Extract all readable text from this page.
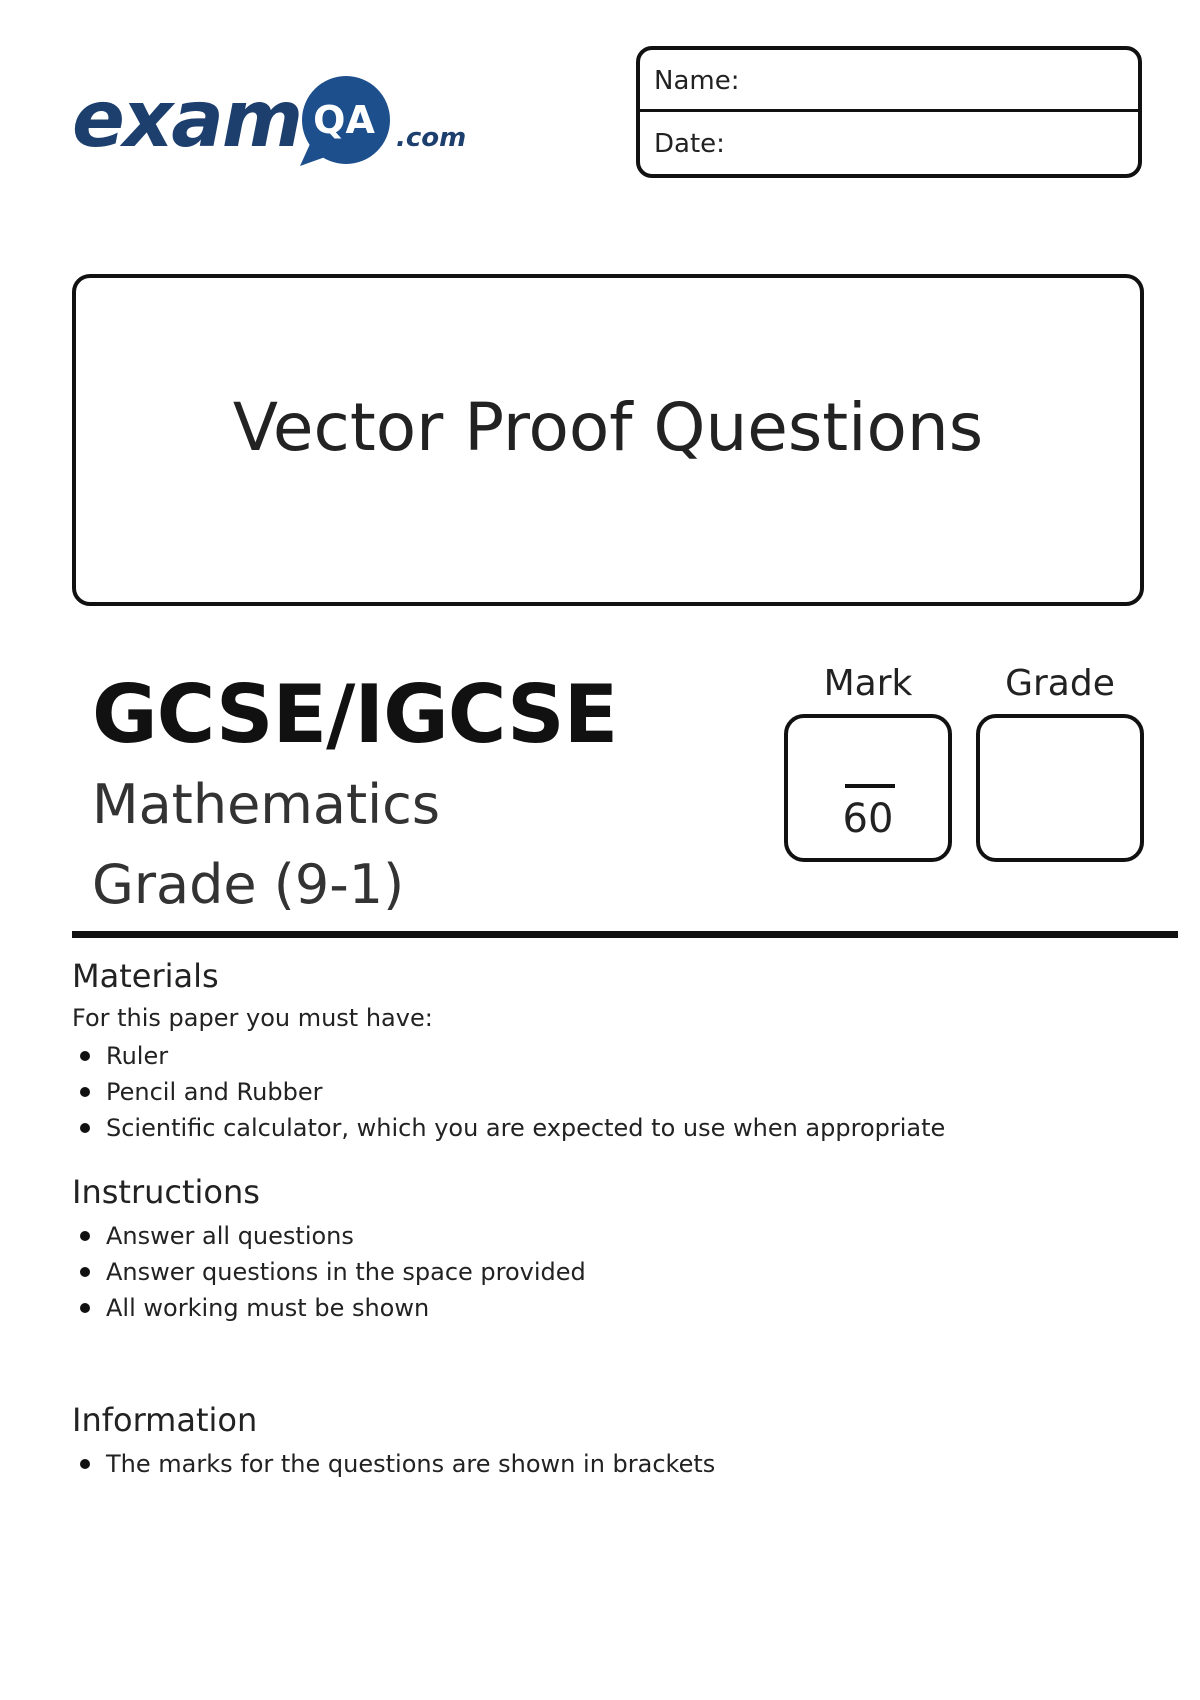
exam QA .com
Name:
Date:
Vector Proof Questions
GCSE/IGCSE
Mathematics
Grade (9-1)
Mark	Grade
60
Materials
For this paper you must have:
Ruler
Pencil and Rubber
Scientific calculator, which you are expected to use when appropriate
Instructions
Answer all questions
Answer questions in the space provided
All working must be shown
Information
The marks for the questions are shown in brackets
